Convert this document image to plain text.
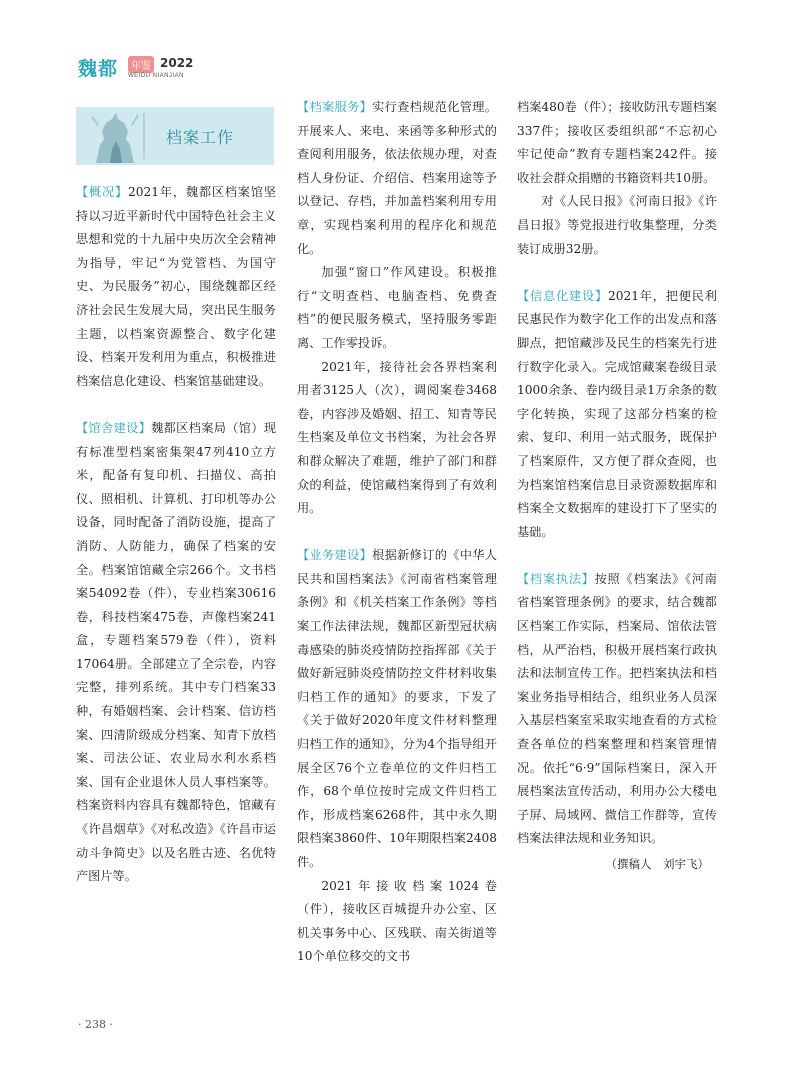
魏都	年鉴 2022
WEIDU NIANJIAN
档案工作

【概况】2021年，魏都区档案馆坚持以习近平新时代中国特色社会主义思想和党的十九届中央历次全会精神为指导，牢记“为党管档、为国守史、为民服务”初心，围绕魏都区经济社会民生发展大局，突出民生服务主题，以档案资源整合、数字化建设、档案开发利用为重点，积极推进档案信息化建设、档案馆基础建设。

【馆舍建设】魏都区档案局（馆）现有标准型档案密集架47列410立方米，配备有复印机、扫描仪、高拍仪、照相机、计算机、打印机等办公设备，同时配备了消防设施，提高了消防、人防能力，确保了档案的安全。档案馆馆藏全宗266个。文书档案54092卷（件），专业档案30616卷，科技档案475卷，声像档案241盒，专题档案579卷（件），资料17064册。全部建立了全宗卷，内容完整，排列系统。其中专门档案33种，有婚姻档案、会计档案、信访档案、四清阶级成分档案、知青下放档案、司法公证、农业局水利水系档案、国有企业退休人员人事档案等。档案资料内容具有魏都特色，馆藏有《许昌烟草》《对私改造》《许昌市运动斗争简史》以及名胜古迹、名优特产图片等。

【档案服务】实行查档规范化管理。开展来人、来电、来函等多种形式的查阅利用服务，依法依规办理，对查档人身份证、介绍信、档案用途等予以登记、存档，并加盖档案利用专用章，实现档案利用的程序化和规范化。

加强“窗口”作风建设。积极推行“文明查档、电脑查档、免费查档”的便民服务模式，坚持服务零距离、工作零投诉。

2021年，接待社会各界档案利用者3125人（次），调阅案卷3468卷，内容涉及婚姻、招工、知青等民生档案及单位文书档案，为社会各界和群众解决了难题，维护了部门和群众的利益，使馆藏档案得到了有效利用。

【业务建设】根据新修订的《中华人民共和国档案法》《河南省档案管理条例》和《机关档案工作条例》等档案工作法律法规，魏都区新型冠状病毒感染的肺炎疫情防控指挥部《关于做好新冠肺炎疫情防控文件材料收集归档工作的通知》的要求，下发了《关于做好2020年度文件材料整理归档工作的通知》，分为4个指导组开展全区76个立卷单位的文件归档工作，68个单位按时完成文件归档工作，形成档案6268件，其中永久期限档案3860件、10年期限档案2408件。

2021年接收档案1024卷（件），接收区百城提升办公室、区机关事务中心、区残联、南关街道等10个单位移交的文书

档案480卷（件）；接收防汛专题档案337件；接收区委组织部“不忘初心 牢记使命”教育专题档案242件。接收社会群众捐赠的书籍资料共10册。

对《人民日报》《河南日报》《许昌日报》等党报进行收集整理，分类装订成册32册。

【信息化建设】2021年，把便民利民惠民作为数字化工作的出发点和落脚点，把馆藏涉及民生的档案先行进行数字化录入。完成馆藏案卷级目录1000余条、卷内级目录1万余条的数字化转换，实现了这部分档案的检索、复印、利用一站式服务，既保护了档案原件，又方便了群众查阅，也为档案馆档案信息目录资源数据库和档案全文数据库的建设打下了坚实的基础。

【档案执法】按照《档案法》《河南省档案管理条例》的要求，结合魏都区档案工作实际，档案局、馆依法管档，从严治档，积极开展档案行政执法和法制宣传工作。把档案执法和档案业务指导相结合，组织业务人员深入基层档案室采取实地查看的方式检查各单位的档案整理和档案管理情况。依托“6·9”国际档案日，深入开展档案法宣传活动，利用办公大楼电子屏、局域网、微信工作群等，宣传档案法律法规和业务知识。

（撰稿人　刘宇飞）

· 238 ·
